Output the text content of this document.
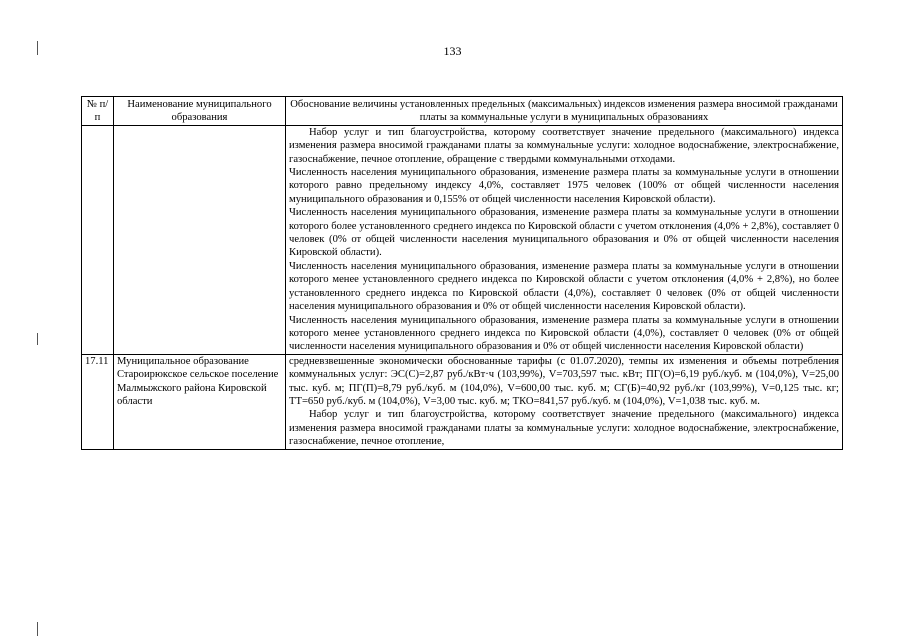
133
№ п/п	Наименование муниципального образования	Обоснование величины установленных предельных (максимальных) индексов изменения размера вносимой гражданами платы за коммунальные услуги в муниципальных образованиях

		Набор услуг и тип благоустройства, которому соответствует значение предельного (максимального) индекса изменения размера вносимой гражданами платы за коммунальные услуги: холодное водоснабжение, электроснабжение, газоснабжение, печное отопление, обращение с твердыми коммунальными отходами.
Численность населения муниципального образования, изменение размера платы за коммунальные услуги в отношении которого равно предельному индексу 4,0%, составляет 1975 человек (100% от общей численности населения муниципального образования и 0,155% от общей численности населения Кировской области).
Численность населения муниципального образования, изменение размера платы за коммунальные услуги в отношении которого более установленного среднего индекса по Кировской области с учетом отклонения (4,0% + 2,8%), составляет 0 человек (0% от общей численности населения муниципального образования и 0% от общей численности населения Кировской области).
Численность населения муниципального образования, изменение размера платы за коммунальные услуги в отношении которого менее установленного среднего индекса по Кировской области с учетом отклонения (4,0% + 2,8%), но более установленного среднего индекса по Кировской области (4,0%), составляет 0 человек (0% от общей численности населения муниципального образования и 0% от общей численности населения Кировской области).
Численность населения муниципального образования, изменение размера платы за коммунальные услуги в отношении которого менее установленного среднего индекса по Кировской области (4,0%), составляет 0 человек (0% от общей численности населения муниципального образования и 0% от общей численности населения Кировской области)

17.11	Муниципальное образование Староирюкское сельское поселение Малмыжского района Кировской области	средневзвешенные экономически обоснованные тарифы (с 01.07.2020), темпы их изменения и объемы потребления коммунальных услуг: ЭС(С)=2,87 руб./кВт·ч (103,99%), V=703,597 тыс. кВт; ПГ(О)=6,19 руб./куб. м (104,0%), V=25,00 тыс. куб. м; ПГ(П)=8,79 руб./куб. м (104,0%), V=600,00 тыс. куб. м; СГ(Б)=40,92 руб./кг (103,99%), V=0,125 тыс. кг; ТТ=650 руб./куб. м (104,0%), V=3,00 тыс. куб. м; ТКО=841,57 руб./куб. м (104,0%), V=1,038 тыс. куб. м.
Набор услуг и тип благоустройства, которому соответствует значение предельного (максимального) индекса изменения размера вносимой гражданами платы за коммунальные услуги: холодное водоснабжение, электроснабжение, газоснабжение, печное отопление,
